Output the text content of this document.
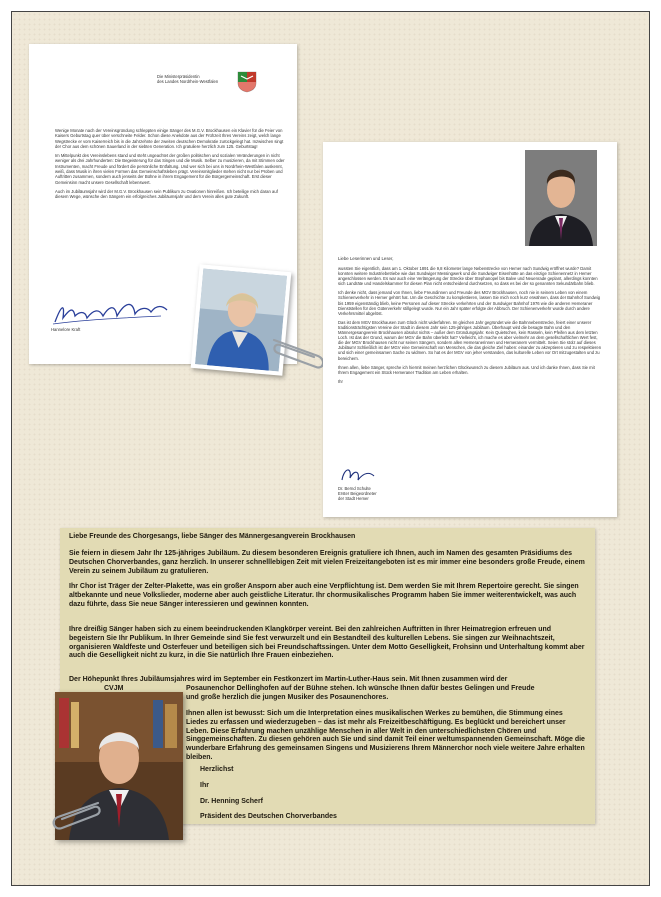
Die Ministerpräsidentin
des Landes Nordrhein-Westfalen

Wenige Monate nach der Vereinsgründung schleppten einige Sänger des M.G.V. Brockhausen ein Klavier für die Feier von Kaisers Geburtstag quer über verschneite Felder. Schon diese Anekdote aus der Frühzeit Ihres Vereins zeigt, welch lange Wegstrecke er vom Kaiserreich bis in die Jahrzehnte der zweiten deutschen Demokratie zurückgelegt hat. Inzwischen singt der Chor aus dem schönen Sauerland in der siebten Generation. Ich gratuliere herzlich zum 125. Geburtstag!

Im Mittelpunkt des Vereinslebens stand und steht ungeachtet der großen politischen und sozialen Veränderungen in nicht weniger als drei Jahrhunderten: Die Begeisterung für das Singen und die Musik. Selber zu musizieren, da mit Stimmen oder Instrumenten, macht Freude und fördert die persönliche Entfaltung. Und wer sich bei uns in Nordrhein-Westfalen auskennt, weiß, dass Musik in ihren vielen Formen das Gemeinschaftsleben prägt. Vereinsmitglieder stehen nicht nur bei Proben und Auftritten zusammen, sondern auch jenseits der Bühne in ihrem Engagement für die Bürgergemeinschaft. Erst dieser Gemeinsinn macht unsere Gesellschaft lebenswert.

Auch im Jubiläumsjahr wird der M.G.V. Brockhausen sein Publikum zu Ovationen hinreißen. Ich beteilige mich daran auf diesem Wege, wünsche den Sängern ein erfolgreiches Jubiläumsjahr und dem Verein alles gute Zukunft.

Hannelore Kraft
Liebe Leserinnen und Leser,

wussten Sie eigentlich, dass am 1. Oktober 1891 die 9,8 Kilometer lange Nebenstrecke von Hemer nach Sundwig eröffnet wurde? Damit konnten weitere Industriebetriebe wie das Sundwiger Messingwerk und die Sundwiger Eisenhütte an das einzige Schienennetz in Hemer angeschlossen werden. Es war auch eine Verlängerung der Strecke über Stephanopel bis Balve und Neuenrade geplant, allerdings konnten sich Landräte und Handelskammer für diesen Plan nicht entscheidend durchsetzen, so dass es bei der so genannten Sekundärbahn blieb.

Ich denke nicht, dass jemand von Ihnen, liebe Freundinnen und Freunde des MGV Brockhausen, noch nie in seinem Leben von einem Schienenverkehr in Hemer gehört hat. Um die Geschichte zu komplettieren, lassen Sie mich noch kurz erwähnen, dass der Bahnhof Sundwig bis 1959 eigenständig blieb, keine Personen auf dieser Strecke verkehrten und der Sundwiger Bahnhof 1976 wie die anderen Hemeraner Dienststellen für den Güterverkehr stillgelegt wurde. Nur ein Jahr später erfolgte der Abbruch. Der Schienenverkehr wurde durch andere Verkehrsmittel abgelöst.

Das ist dem MGV Brockhausen zum Glück nicht widerfahren. Im gleichen Jahr gegründet wie die Bahnnebenstrecke, feiert einer unserer traditionsträchtigsten Vereine der Stadt in diesem Jahr sein 125-jähriges Jubiläum. Überhaupt wird die besagte Bahn und den Männergesangverein Brockhausen absolut nichts – außer dem Gründungsjahr. Kein Quietschen, kein Rasseln, kein Pfeifen aus dem letzten Loch. Ist das der Grund, warum der MGV die Bahn überlebt hat? Vielleicht, ich mache es aber vielmehr an dem gesellschaftlichen Wert fest, die der MGV Brockhausen nicht nur seinen Sängern, sondern allen Hemeranerinnen und Hemeranern vermittelt. Seien Sie stolz auf dieses Jubiläum! Schließlich ist der MGV eine Gemeinschaft von Menschen, die das gleiche Ziel haben: einander zu akzeptieren und zu respektieren und sich einer gemeinsamen Sache zu widmen. So hat es der MGV von jeher verstanden, das kulturelle Leben vor Ort mitzugestalten und zu bereichern.

Ihnen allen, liebe Sänger, spreche ich hiermit meinen herzlichen Glückwunsch zu diesem Jubiläum aus. Und ich danke Ihnen, dass Sie mit Ihrem Engagement ein Stück Hemeraner Tradition am Leben erhalten.

Ihr

Dr. Bernd Schulte
Erster Beigeordneter
der Stadt Hemer
Liebe Freunde des Chorgesangs, liebe Sänger des Männergesangverein Brockhausen

Sie feiern in diesem Jahr Ihr 125-jähriges Jubiläum. Zu diesem besonderen Ereignis gratuliere ich Ihnen, auch im Namen des gesamten Präsidiums des Deutschen Chorverbandes, ganz herzlich. In unserer schnelllebigen Zeit mit vielen Freizeitangeboten ist es mir immer eine besonders große Freude, einem Verein zu seinem Jubiläum zu gratulieren.

Ihr Chor ist Träger der Zelter-Plakette, was ein großer Ansporn aber auch eine Verpflichtung ist. Dem werden Sie mit Ihrem Repertoire gerecht. Sie singen altbekannte und neue Volkslieder, moderne aber auch geistliche Literatur. Ihr chormusikalisches Programm haben Sie immer weiterentwickelt, was auch dazu führte, dass Sie neue Sänger interessieren und gewinnen konnten.

Ihre dreißig Sänger haben sich zu einem beeindruckenden Klangkörper vereint. Bei den zahlreichen Auftritten in Ihrer Heimatregion erfreuen und begeistern Sie Ihr Publikum. In Ihrer Gemeinde sind Sie fest verwurzelt und ein Bestandteil des kulturellen Lebens. Sie singen zur Weihnachtszeit, organisieren Waldfeste und Osterfeuer und beteiligen sich bei Freundschaftssingen. Unter dem Motto Geselligkeit, Frohsinn und Unterhaltung kommt aber auch die Geselligkeit nicht zu kurz, in die Sie natürlich Ihre Frauen einbeziehen.

Der Höhepunkt Ihres Jubiläumsjahres wird im September ein Festkonzert im Martin-Luther-Haus sein. Mit Ihnen zusammen wird der

CVJM	Posaunenchor Dellinghofen auf der Bühne stehen. Ich wünsche Ihnen dafür bestes Gelingen und Freude

und große herzlich die jungen Musiker des Posaunenchores.

Ihnen allen ist bewusst: Sich um die Interpretation eines musikalischen Werkes zu bemühen, die Stimmung eines Liedes zu erfassen und wiederzugeben – das ist mehr als Freizeitbeschäftigung. Es beglückt und bereichert unser Leben. Diese Erfahrung machen unzählige Menschen in aller Welt in den unterschiedlichsten Chören und Singgemeinschaften. Zu diesen gehören auch Sie und sind damit Teil einer weltumspannenden Gemeinschaft. Möge die wunderbare Erfahrung des gemeinsamen Singens und Musizierens Ihrem Männerchor noch viele weitere Jahre erhalten bleiben.

Herzlichst
Ihr
Dr. Henning Scherf
Präsident des Deutschen Chorverbandes
